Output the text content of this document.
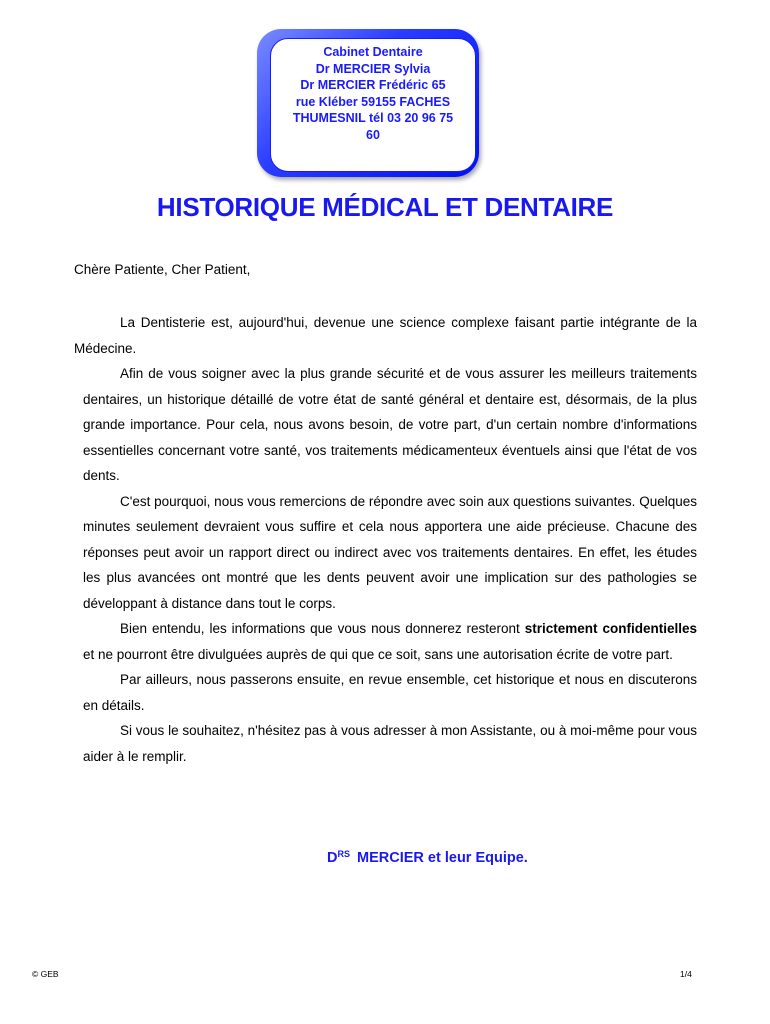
Cabinet Dentaire
Dr MERCIER Sylvia
Dr MERCIER Frédéric 65
rue Kléber 59155 FACHES
THUMESNIL tél 03 20 96 75
60
HISTORIQUE MÉDICAL ET DENTAIRE
Chère Patiente, Cher Patient,

La Dentisterie est, aujourd'hui, devenue une science complexe faisant partie intégrante de la Médecine.

Afin de vous soigner avec la plus grande sécurité et de vous assurer les meilleurs traitements dentaires, un historique détaillé de votre état de santé général et dentaire est, désormais, de la plus grande importance. Pour cela, nous avons besoin, de votre part, d'un certain nombre d'informations essentielles concernant votre santé, vos traitements médicamenteux éventuels ainsi que l'état de vos dents.

C'est pourquoi, nous vous remercions de répondre avec soin aux questions suivantes. Quelques minutes seulement devraient vous suffire et cela nous apportera une aide précieuse. Chacune des réponses peut avoir un rapport direct ou indirect avec vos traitements dentaires. En effet, les études les plus avancées ont montré que les dents peuvent avoir une implication sur des pathologies se développant à distance dans tout le corps.

Bien entendu, les informations que vous nous donnerez resteront strictement confidentielles et ne pourront être divulguées auprès de qui que ce soit, sans une autorisation écrite de votre part.

Par ailleurs, nous passerons ensuite, en revue ensemble, cet historique et nous en discuterons en détails.

Si vous le souhaitez, n'hésitez pas à vous adresser à mon Assistante, ou à moi-même pour vous aider à le remplir.

$D^{RS}$ MERCIER et leur Equipe.
© GEB	1/4
